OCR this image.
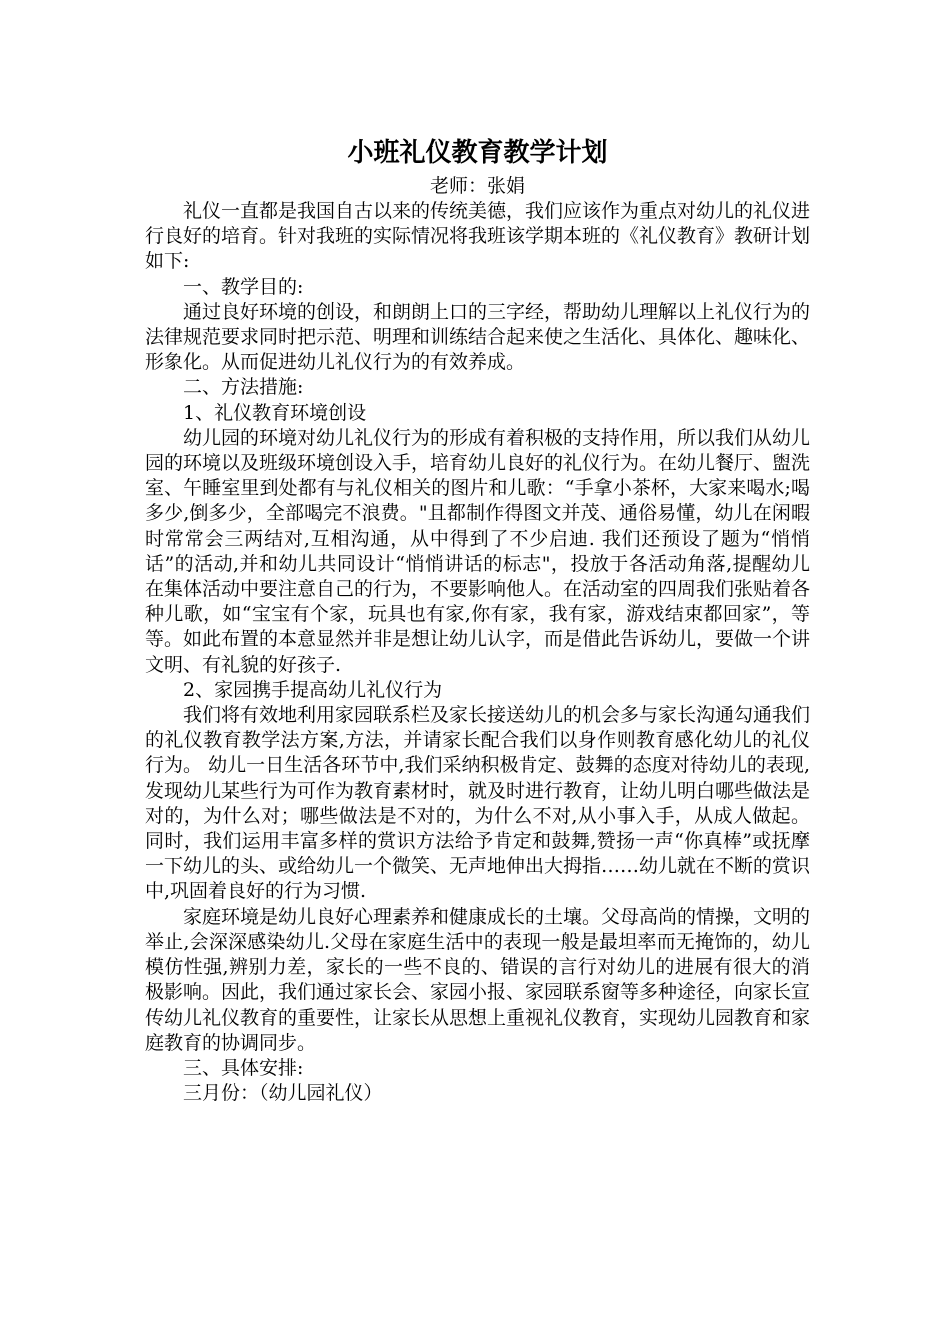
小班礼仪教育教学计划

老师：张娟

礼仪一直都是我国自古以来的传统美德，我们应该作为重点对幼儿的礼仪进行良好的培育。针对我班的实际情况将我班该学期本班的《礼仪教育》教研计划如下:

一、教学目的:

通过良好环境的创设，和朗朗上口的三字经，帮助幼儿理解以上礼仪行为的法律规范要求同时把示范、明理和训练结合起来使之生活化、具体化、趣味化、形象化。从而促进幼儿礼仪行为的有效养成。

二、方法措施:

1、礼仪教育环境创设

幼儿园的环境对幼儿礼仪行为的形成有着积极的支持作用，所以我们从幼儿园的环境以及班级环境创设入手，培育幼儿良好的礼仪行为。在幼儿餐厅、盥洗室、午睡室里到处都有与礼仪相关的图片和儿歌：“手拿小茶杯，大家来喝水;喝多少,倒多少，全部喝完不浪费。"且都制作得图文并茂、通俗易懂，幼儿在闲暇时常常会三两结对,互相沟通，从中得到了不少启迪. 我们还预设了题为“悄悄话”的活动,并和幼儿共同设计“悄悄讲话的标志"，投放于各活动角落,提醒幼儿在集体活动中要注意自己的行为，不要影响他人。在活动室的四周我们张贴着各种儿歌，如“宝宝有个家，玩具也有家,你有家，我有家，游戏结束都回家”，等等。如此布置的本意显然并非是想让幼儿认字，而是借此告诉幼儿，要做一个讲文明、有礼貌的好孩子.

2、家园携手提高幼儿礼仪行为

我们将有效地利用家园联系栏及家长接送幼儿的机会多与家长沟通勾通我们的礼仪教育教学法方案,方法，并请家长配合我们以身作则教育感化幼儿的礼仪行为。 幼儿一日生活各环节中,我们采纳积极肯定、鼓舞的态度对待幼儿的表现,发现幼儿某些行为可作为教育素材时，就及时进行教育，让幼儿明白哪些做法是对的，为什么对；哪些做法是不对的，为什么不对,从小事入手，从成人做起。同时，我们运用丰富多样的赏识方法给予肯定和鼓舞,赞扬一声“你真棒”或抚摩一下幼儿的头、或给幼儿一个微笑、无声地伸出大拇指……幼儿就在不断的赏识中,巩固着良好的行为习惯.

家庭环境是幼儿良好心理素养和健康成长的土壤。父母高尚的情操，文明的举止,会深深感染幼儿.父母在家庭生活中的表现一般是最坦率而无掩饰的，幼儿模仿性强,辨别力差，家长的一些不良的、错误的言行对幼儿的进展有很大的消极影响。因此，我们通过家长会、家园小报、家园联系窗等多种途径，向家长宣传幼儿礼仪教育的重要性，让家长从思想上重视礼仪教育，实现幼儿园教育和家庭教育的协调同步。

三、具体安排:

三月份：（幼儿园礼仪）
